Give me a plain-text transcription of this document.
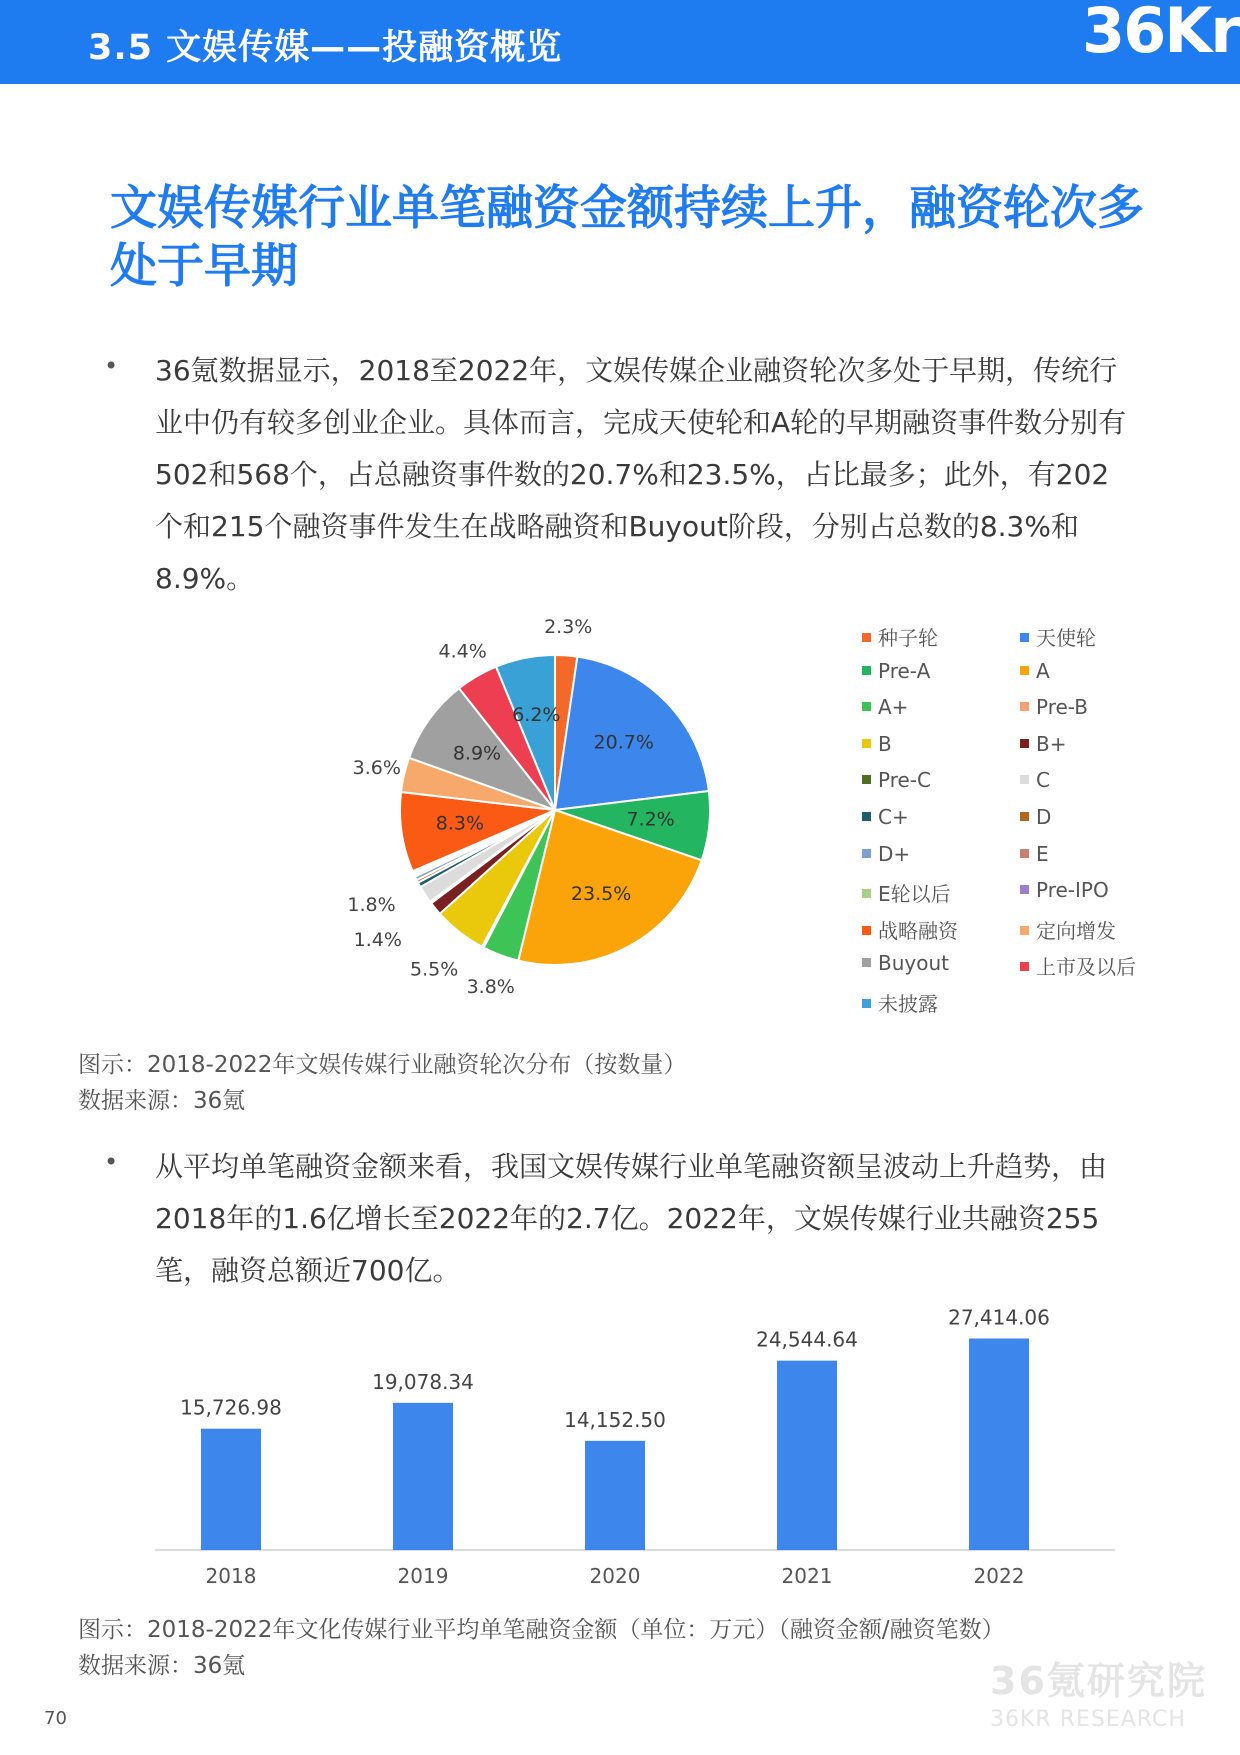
3.5 文娱传媒——投融资概览	36Kr
文娱传媒行业单笔融资金额持续上升，融资轮次多处于早期
• 36氪数据显示，2018至2022年，文娱传媒企业融资轮次多处于早期，传统行业中仍有较多创业企业。具体而言，完成天使轮和A轮的早期融资事件数分别有502和568个，占总融资事件数的20.7%和23.5%，占比最多；此外，有202个和215个融资事件发生在战略融资和Buyout阶段，分别占总数的8.3%和8.9%。
2.3%
20.7%
7.2%
23.5%
3.8%
5.5%
1.4%
1.8%
8.3%
3.6%
8.9%
4.4%
6.2%
种子轮	天使轮
Pre-A	A
A+	Pre-B
B	B+
Pre-C	C
C+	D
D+	E
E轮以后	Pre-IPO
战略融资	定向增发
Buyout	上市及以后
未披露
图示：2018-2022年文娱传媒行业融资轮次分布（按数量）
数据来源：36氪
• 从平均单笔融资金额来看，我国文娱传媒行业单笔融资额呈波动上升趋势，由2018年的1.6亿增长至2022年的2.7亿。2022年，文娱传媒行业共融资255笔，融资总额近700亿。
15,726.98
2018
19,078.34
2019
14,152.50
2020
24,544.64
2021
27,414.06
2022
图示：2018-2022年文化传媒行业平均单笔融资金额（单位：万元）（融资金额/融资笔数）
数据来源：36氪
70
36氪研究院
36KR RESEARCH
